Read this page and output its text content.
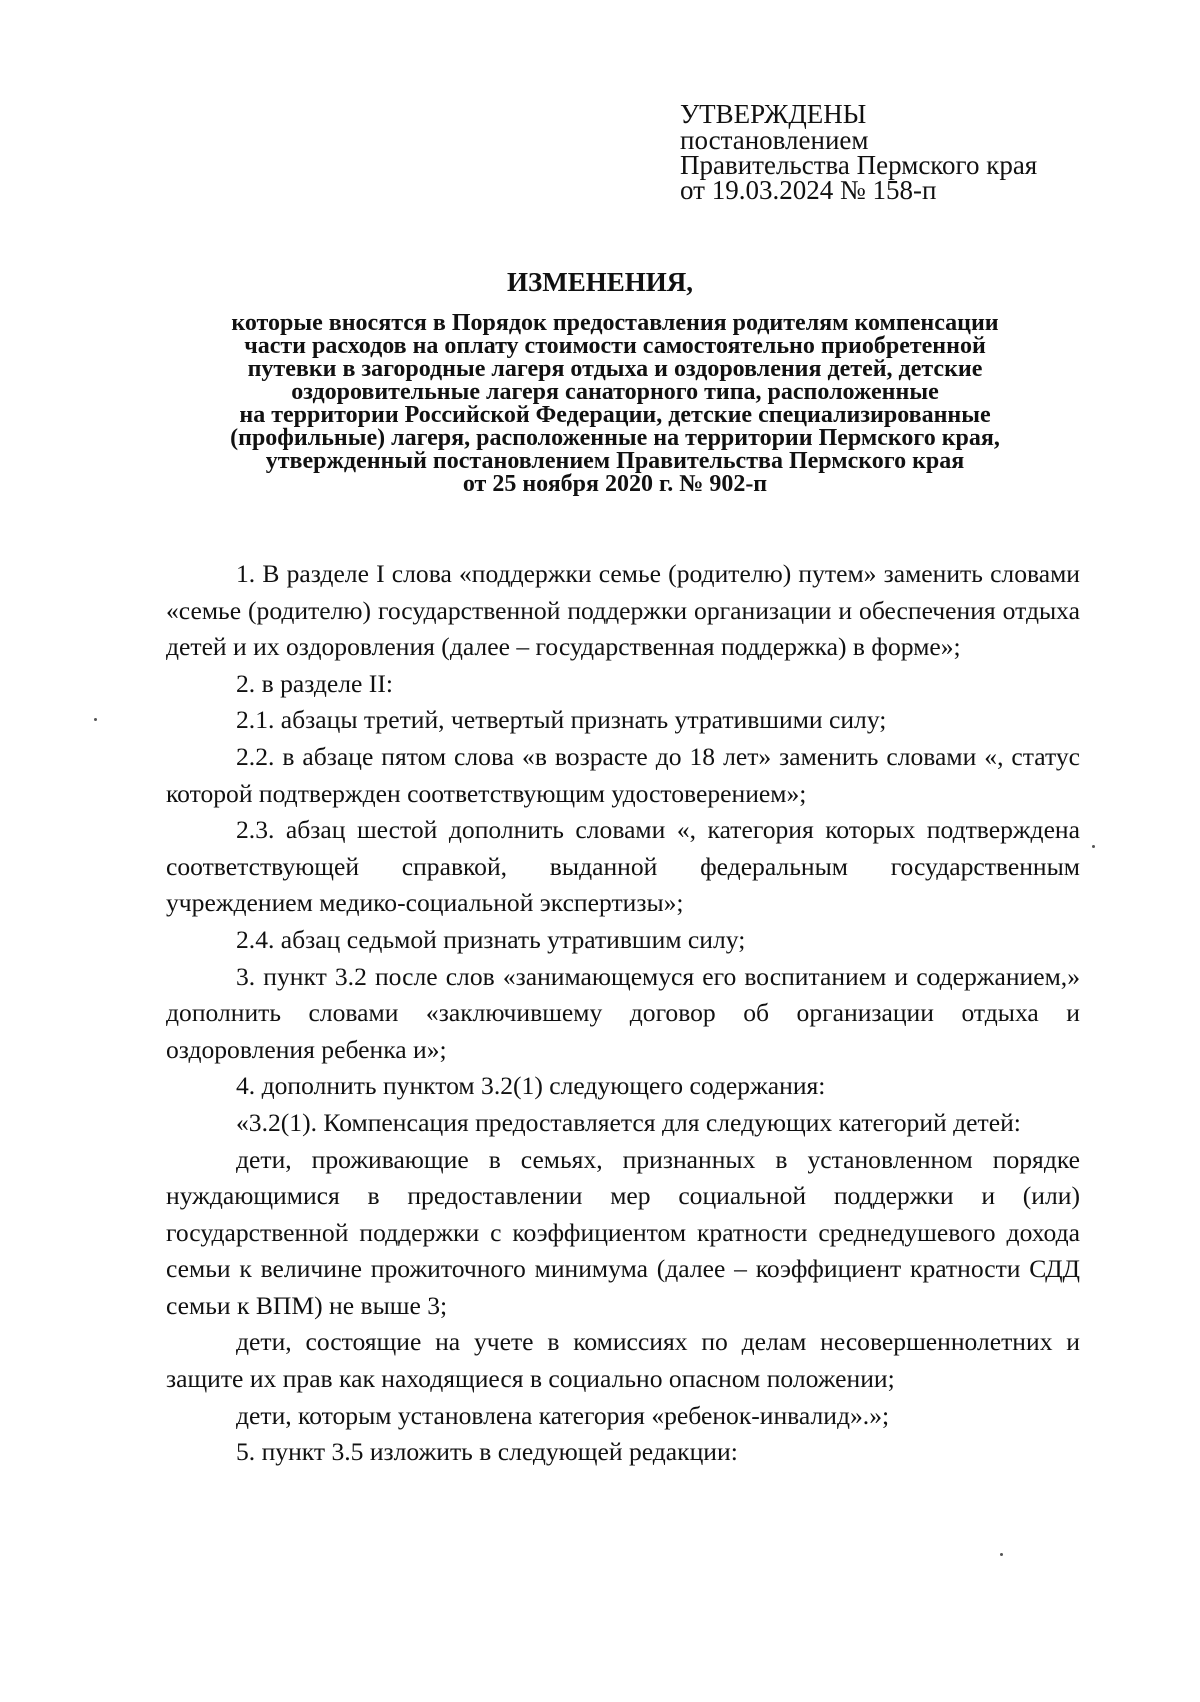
УТВЕРЖДЕНЫ
постановлением
Правительства Пермского края
от 19.03.2024 № 158-п
ИЗМЕНЕНИЯ,
которые вносятся в Порядок предоставления родителям компенсации
части расходов на оплату стоимости самостоятельно приобретенной
путевки в загородные лагеря отдыха и оздоровления детей, детские
оздоровительные лагеря санаторного типа, расположенные
на территории Российской Федерации, детские специализированные
(профильные) лагеря, расположенные на территории Пермского края,
утвержденный постановлением Правительства Пермского края
от 25 ноября 2020 г. № 902-п

1. В разделе I слова «поддержки семье (родителю) путем» заменить словами «семье (родителю) государственной поддержки организации и обеспечения отдыха детей и их оздоровления (далее – государственная поддержка) в форме»;

2. в разделе II:

2.1. абзацы третий, четвертый признать утратившими силу;

2.2. в абзаце пятом слова «в возрасте до 18 лет» заменить словами «, статус которой подтвержден соответствующим удостоверением»;

2.3. абзац шестой дополнить словами «, категория которых подтверждена соответствующей справкой, выданной федеральным государственным учреждением медико-социальной экспертизы»;

2.4. абзац седьмой признать утратившим силу;

3. пункт 3.2 после слов «занимающемуся его воспитанием и содержанием,» дополнить словами «заключившему договор об организации отдыха и оздоровления ребенка и»;

4. дополнить пунктом 3.2(1) следующего содержания:

«3.2(1). Компенсация предоставляется для следующих категорий детей:

дети, проживающие в семьях, признанных в установленном порядке нуждающимися в предоставлении мер социальной поддержки и (или) государственной поддержки с коэффициентом кратности среднедушевого дохода семьи к величине прожиточного минимума (далее – коэффициент кратности СДД семьи к ВПМ) не выше 3;

дети, состоящие на учете в комиссиях по делам несовершеннолетних и защите их прав как находящиеся в социально опасном положении;

дети, которым установлена категория «ребенок-инвалид».»;

5. пункт 3.5 изложить в следующей редакции:
